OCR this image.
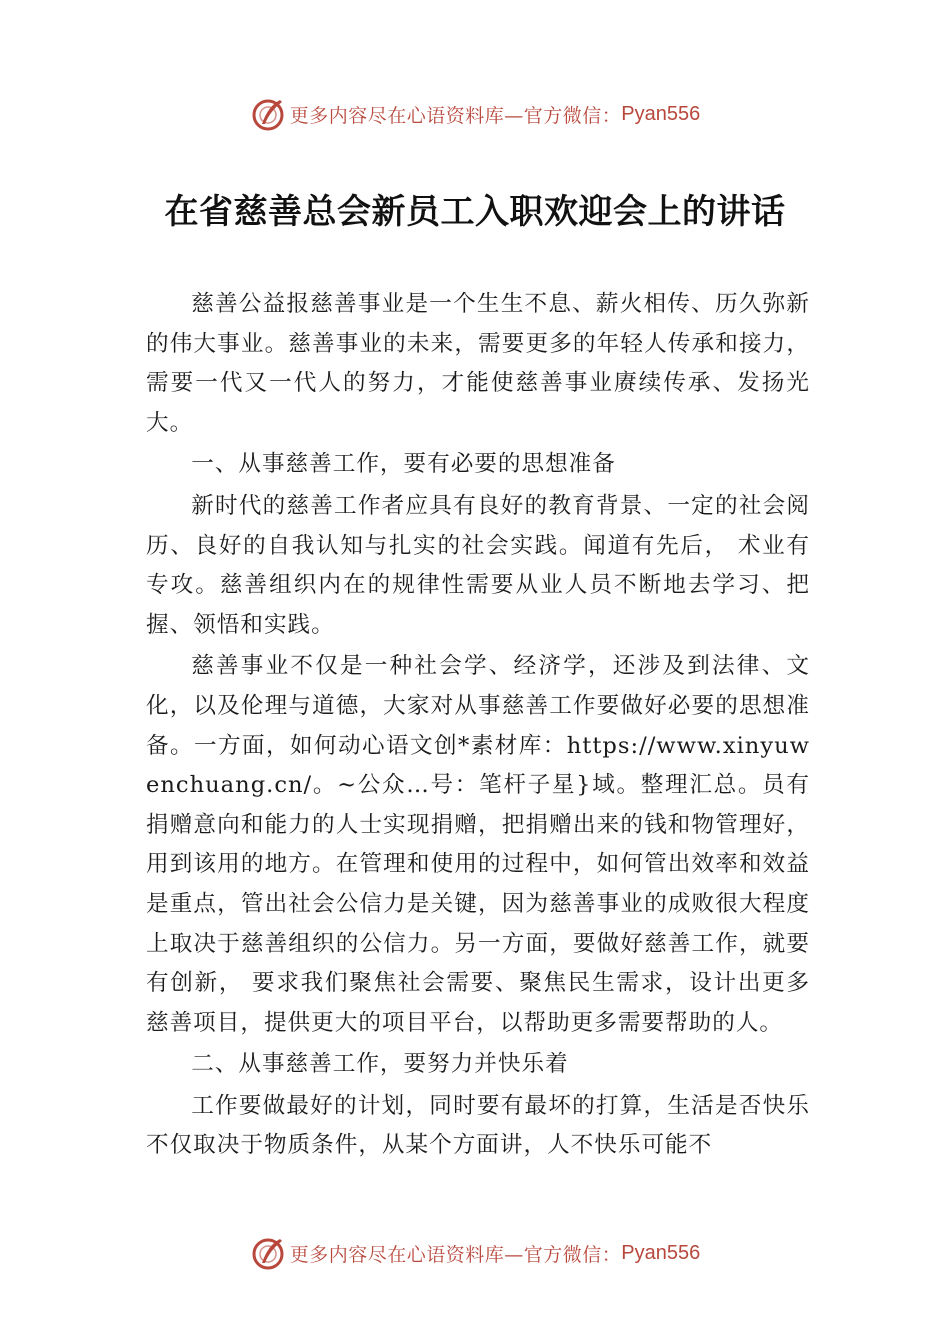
更多内容尽在心语资料库—官方微信： Pyan556
在省慈善总会新员工入职欢迎会上的讲话

慈善公益报慈善事业是一个生生不息、薪火相传、历久弥新的伟大事业。慈善事业的未来，需要更多的年轻人传承和接力，需要一代又一代人的努力，才能使慈善事业赓续传承、发扬光大。

一、从事慈善工作，要有必要的思想准备

新时代的慈善工作者应具有良好的教育背景、一定的社会阅历、良好的自我认知与扎实的社会实践。闻道有先后， 术业有专攻。慈善组织内在的规律性需要从业人员不断地去学习、把握、领悟和实践。

慈善事业不仅是一种社会学、经济学，还涉及到法律、文化，以及伦理与道德，大家对从事慈善工作要做好必要的思想准备。一方面，如何动心语文创*素材库：https://www.xinyuwenchuang.cn/。~公众…号：笔杆子星}域。整理汇总。员有捐赠意向和能力的人士实现捐赠，把捐赠出来的钱和物管理好，用到该用的地方。在管理和使用的过程中，如何管出效率和效益是重点，管出社会公信力是关键，因为慈善事业的成败很大程度上取决于慈善组织的公信力。另一方面，要做好慈善工作，就要有创新， 要求我们聚焦社会需要、聚焦民生需求，设计出更多慈善项目，提供更大的项目平台，以帮助更多需要帮助的人。

二、从事慈善工作，要努力并快乐着

工作要做最好的计划，同时要有最坏的打算，生活是否快乐不仅取决于物质条件，从某个方面讲，人不快乐可能不

更多内容尽在心语资料库—官方微信： Pyan556
